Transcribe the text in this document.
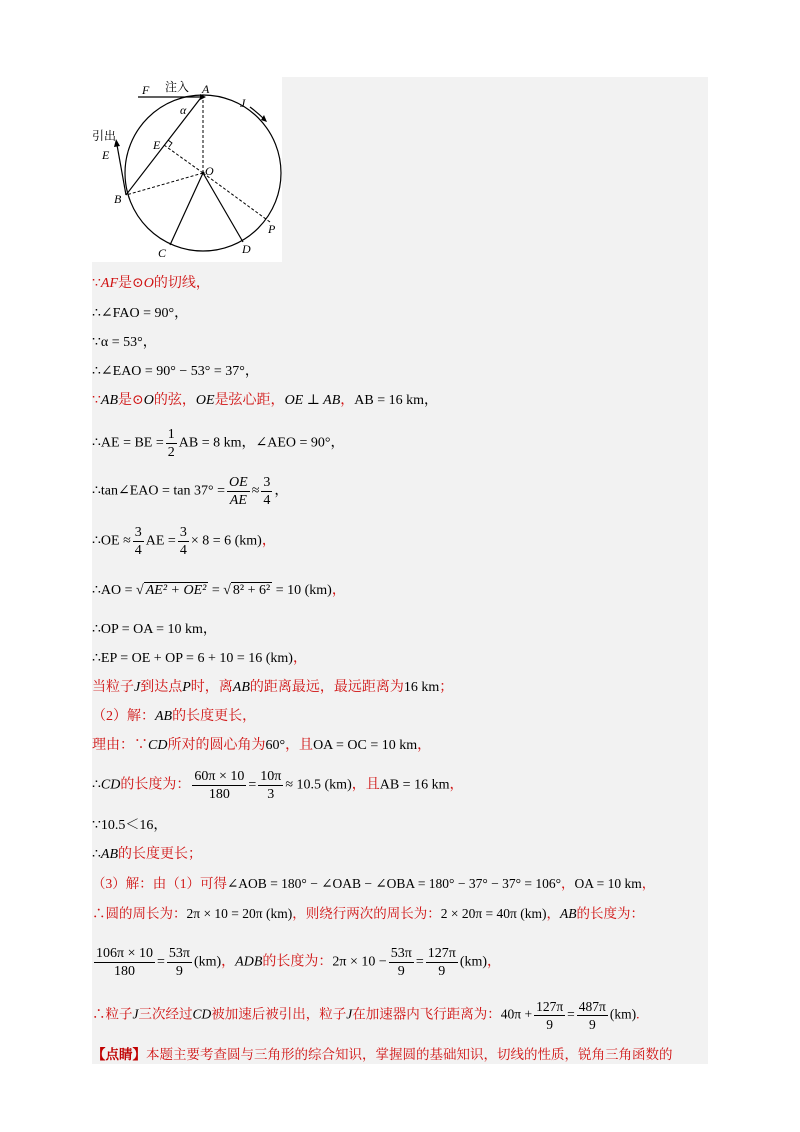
F 注入 A
J
α
引出
E
E
O
B
C	D
P
∵AF是⊙O的切线，
∴∠FAO = 90°，
∵α = 53°，
∴∠EAO = 90° − 53° = 37°，
∵AB是⊙O的弦，OE是弦心距，OE ⊥ AB，AB = 16 km，
∴AE = BE = $\frac{1}{2}$ AB = 8 km，∠AEO = 90°，
∴tan∠EAO = $\tan 37^\circ = \frac{OE}{AE} \approx \frac{3}{4}$ ，
∴OE ≈ $\frac{3}{4}$ AE = $\frac{3}{4} \times 8 = 6$ (km)，
∴AO = √ AE² + OE² = √ 8² + 6² = 10 (km)，
∴OP = OA = 10 km，
∴EP = OE + OP = 6 + 10 = 16 (km)，
当粒子J到达点P时，离AB的距离最远，最远距离为16 km；
（2）解：AB的长度更长，
理由：∵CD所对的圆心角为60°，且OA = OC = 10 km，
∴CD的长度为： $\frac{60\pi \times 10}{180} = \frac{10\pi}{3} \approx 10.5$ (km)，且AB = 16 km，
∵10.5＜16，
∴AB的长度更长；
（3）解：由（1）可得∠AOB = 180° − ∠OAB − ∠OBA = 180° − 37° − 37° = 106°，OA = 10 km，
∴圆的周长为：2π × 10 = 20π (km)，则绕行两次的周长为：2 × 20π = 40π (km)，AB的长度为：
$\frac{106\pi \times 10}{180} = \frac{53\pi}{9} (km)$，ADB的长度为：$2\pi \times 10 - \frac{53\pi}{9} = \frac{127\pi}{9} (km)$，
∴粒子J三次经过CD被加速后被引出，粒子J在加速器内飞行距离为：$40\pi + \frac{127\pi}{9} = \frac{487\pi}{9} (km)$.
【点睛】本题主要考查圆与三角形的综合知识，掌握圆的基础知识，切线的性质，锐角三角函数的
